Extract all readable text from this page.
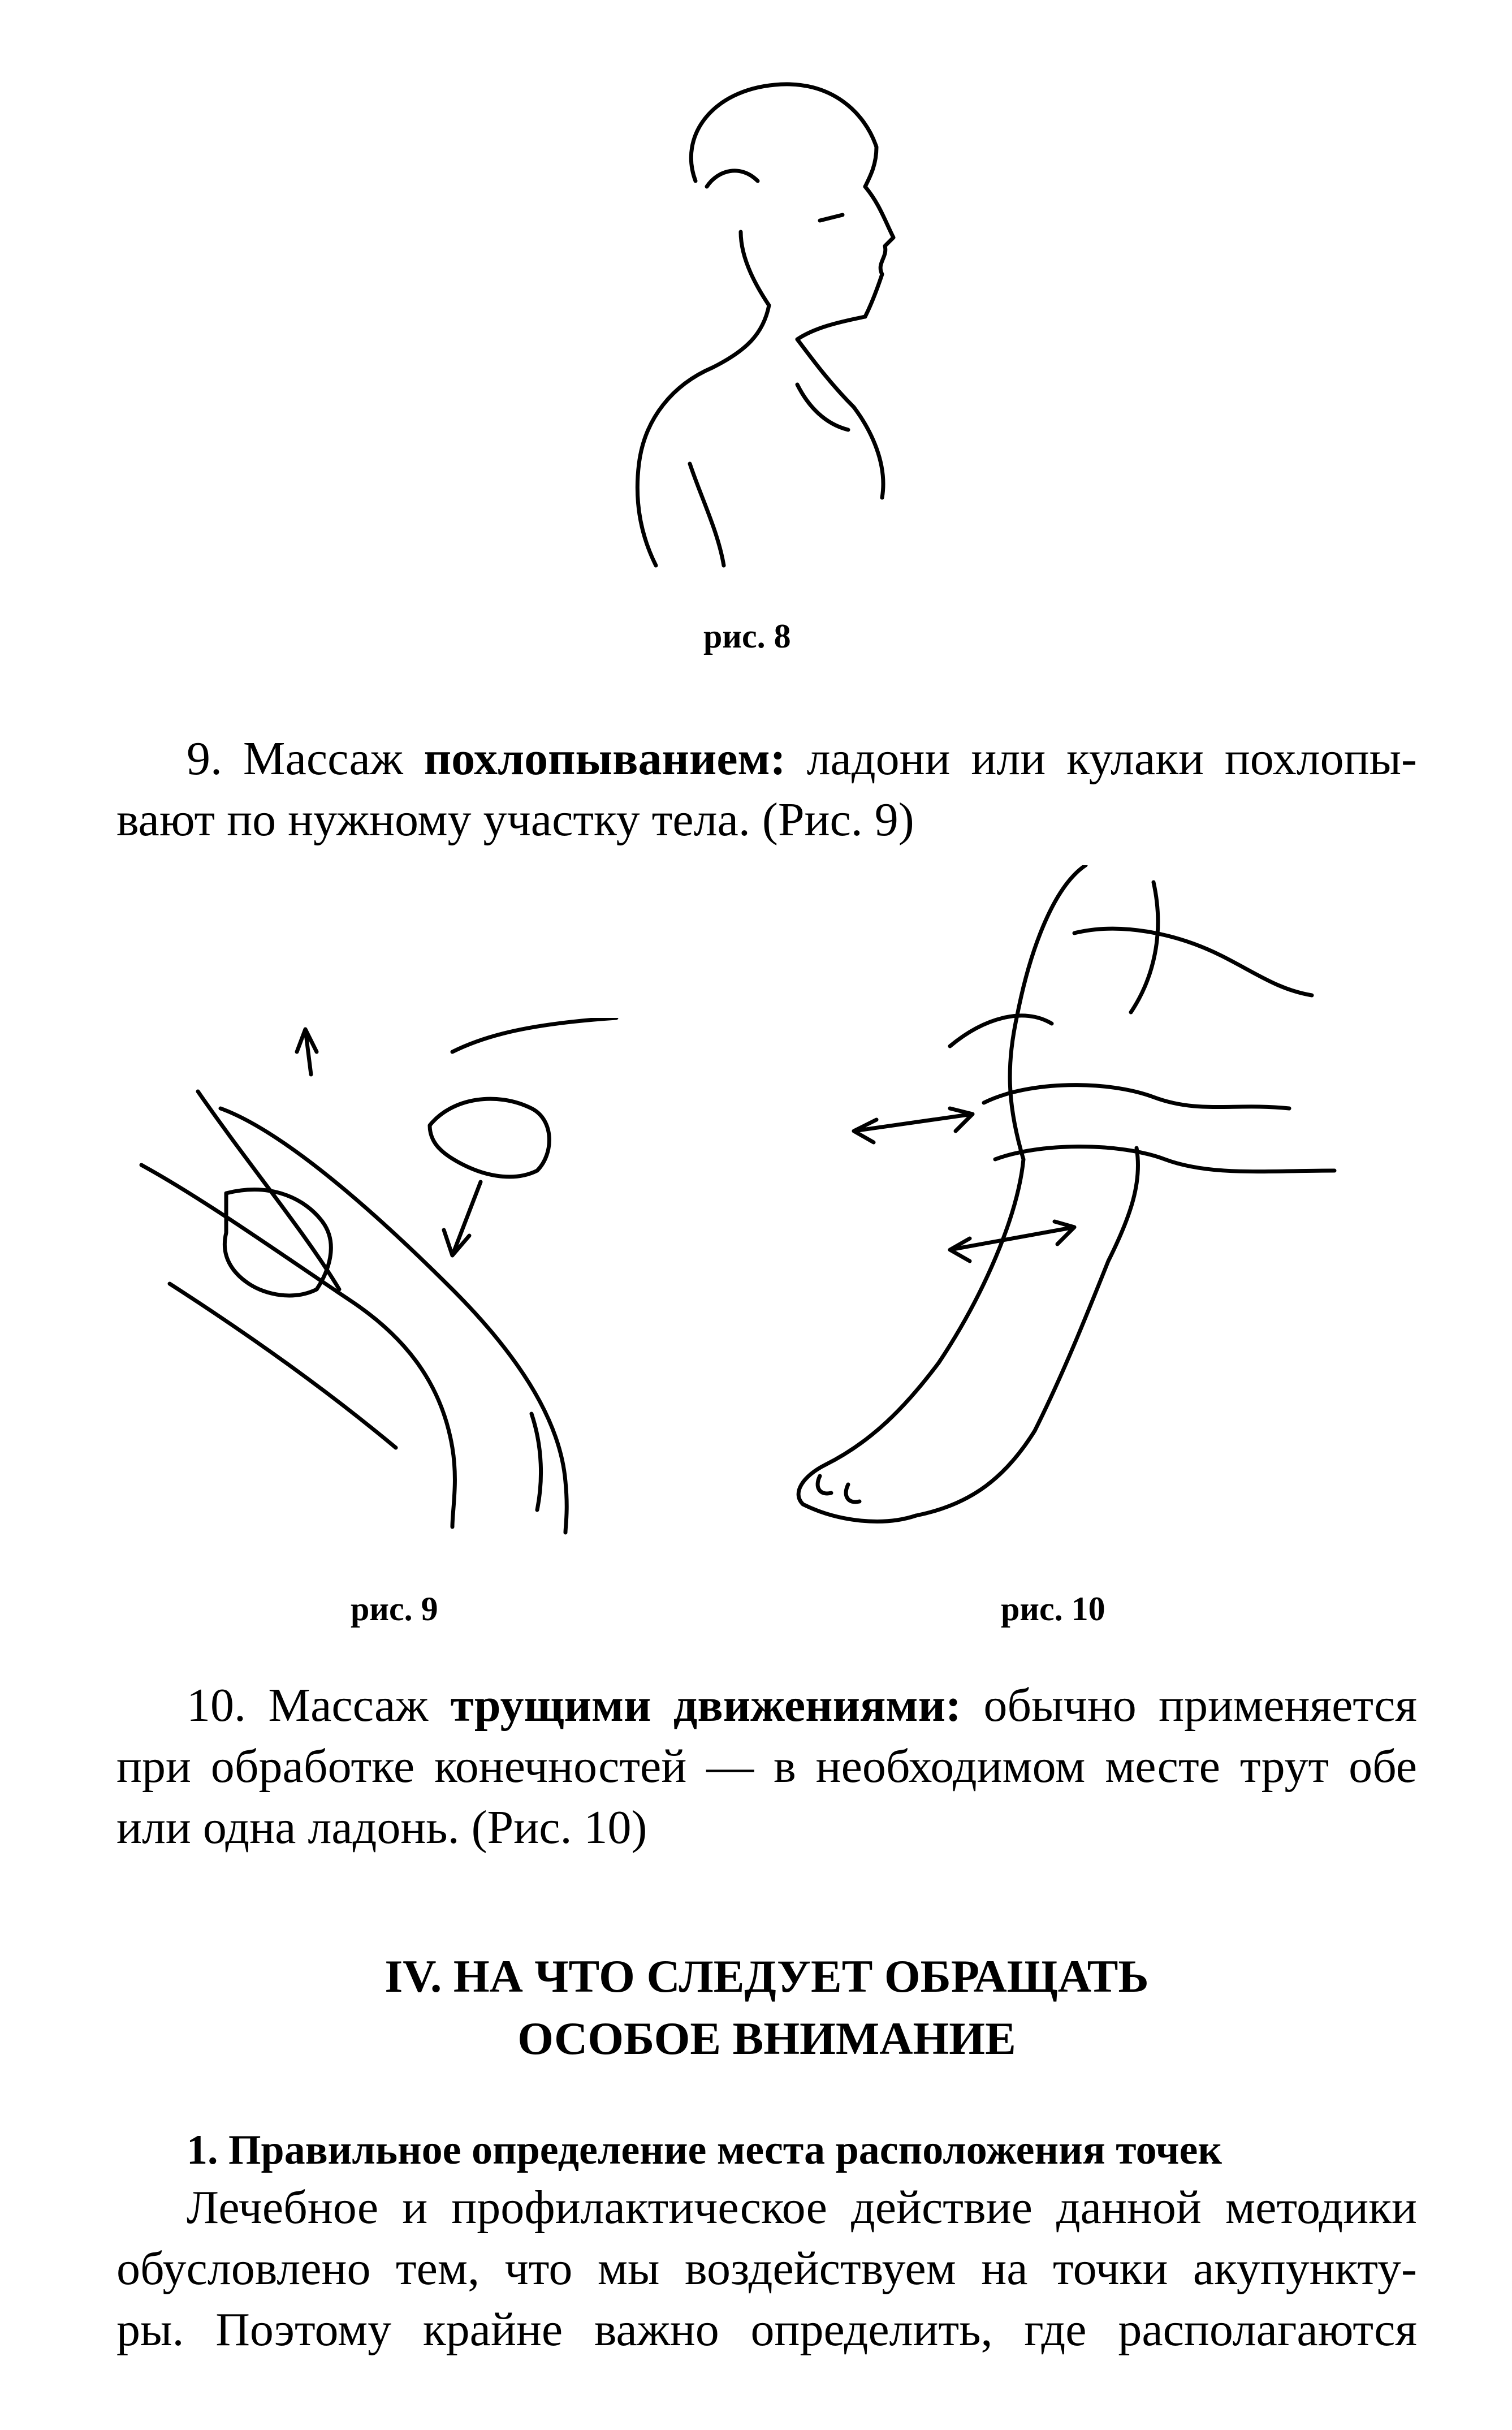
рис. 8
9. Массаж похлопыванием: ладони или кулаки похлопы-
вают по нужному участку тела. (Рис. 9)
рис. 9	рис. 10
10. Массаж трущими движениями: обычно применяется
при обработке конечностей — в необходимом месте трут обе
или одна ладонь. (Рис. 10)
IV. НА ЧТО СЛЕДУЕТ ОБРАЩАТЬ
ОСОБОЕ ВНИМАНИЕ
1. Правильное определение места расположения точек
Лечебное и профилактическое действие данной методики
обусловлено тем, что мы воздействуем на точки акупункту-
ры. Поэтому крайне важно определить, где располагаются
